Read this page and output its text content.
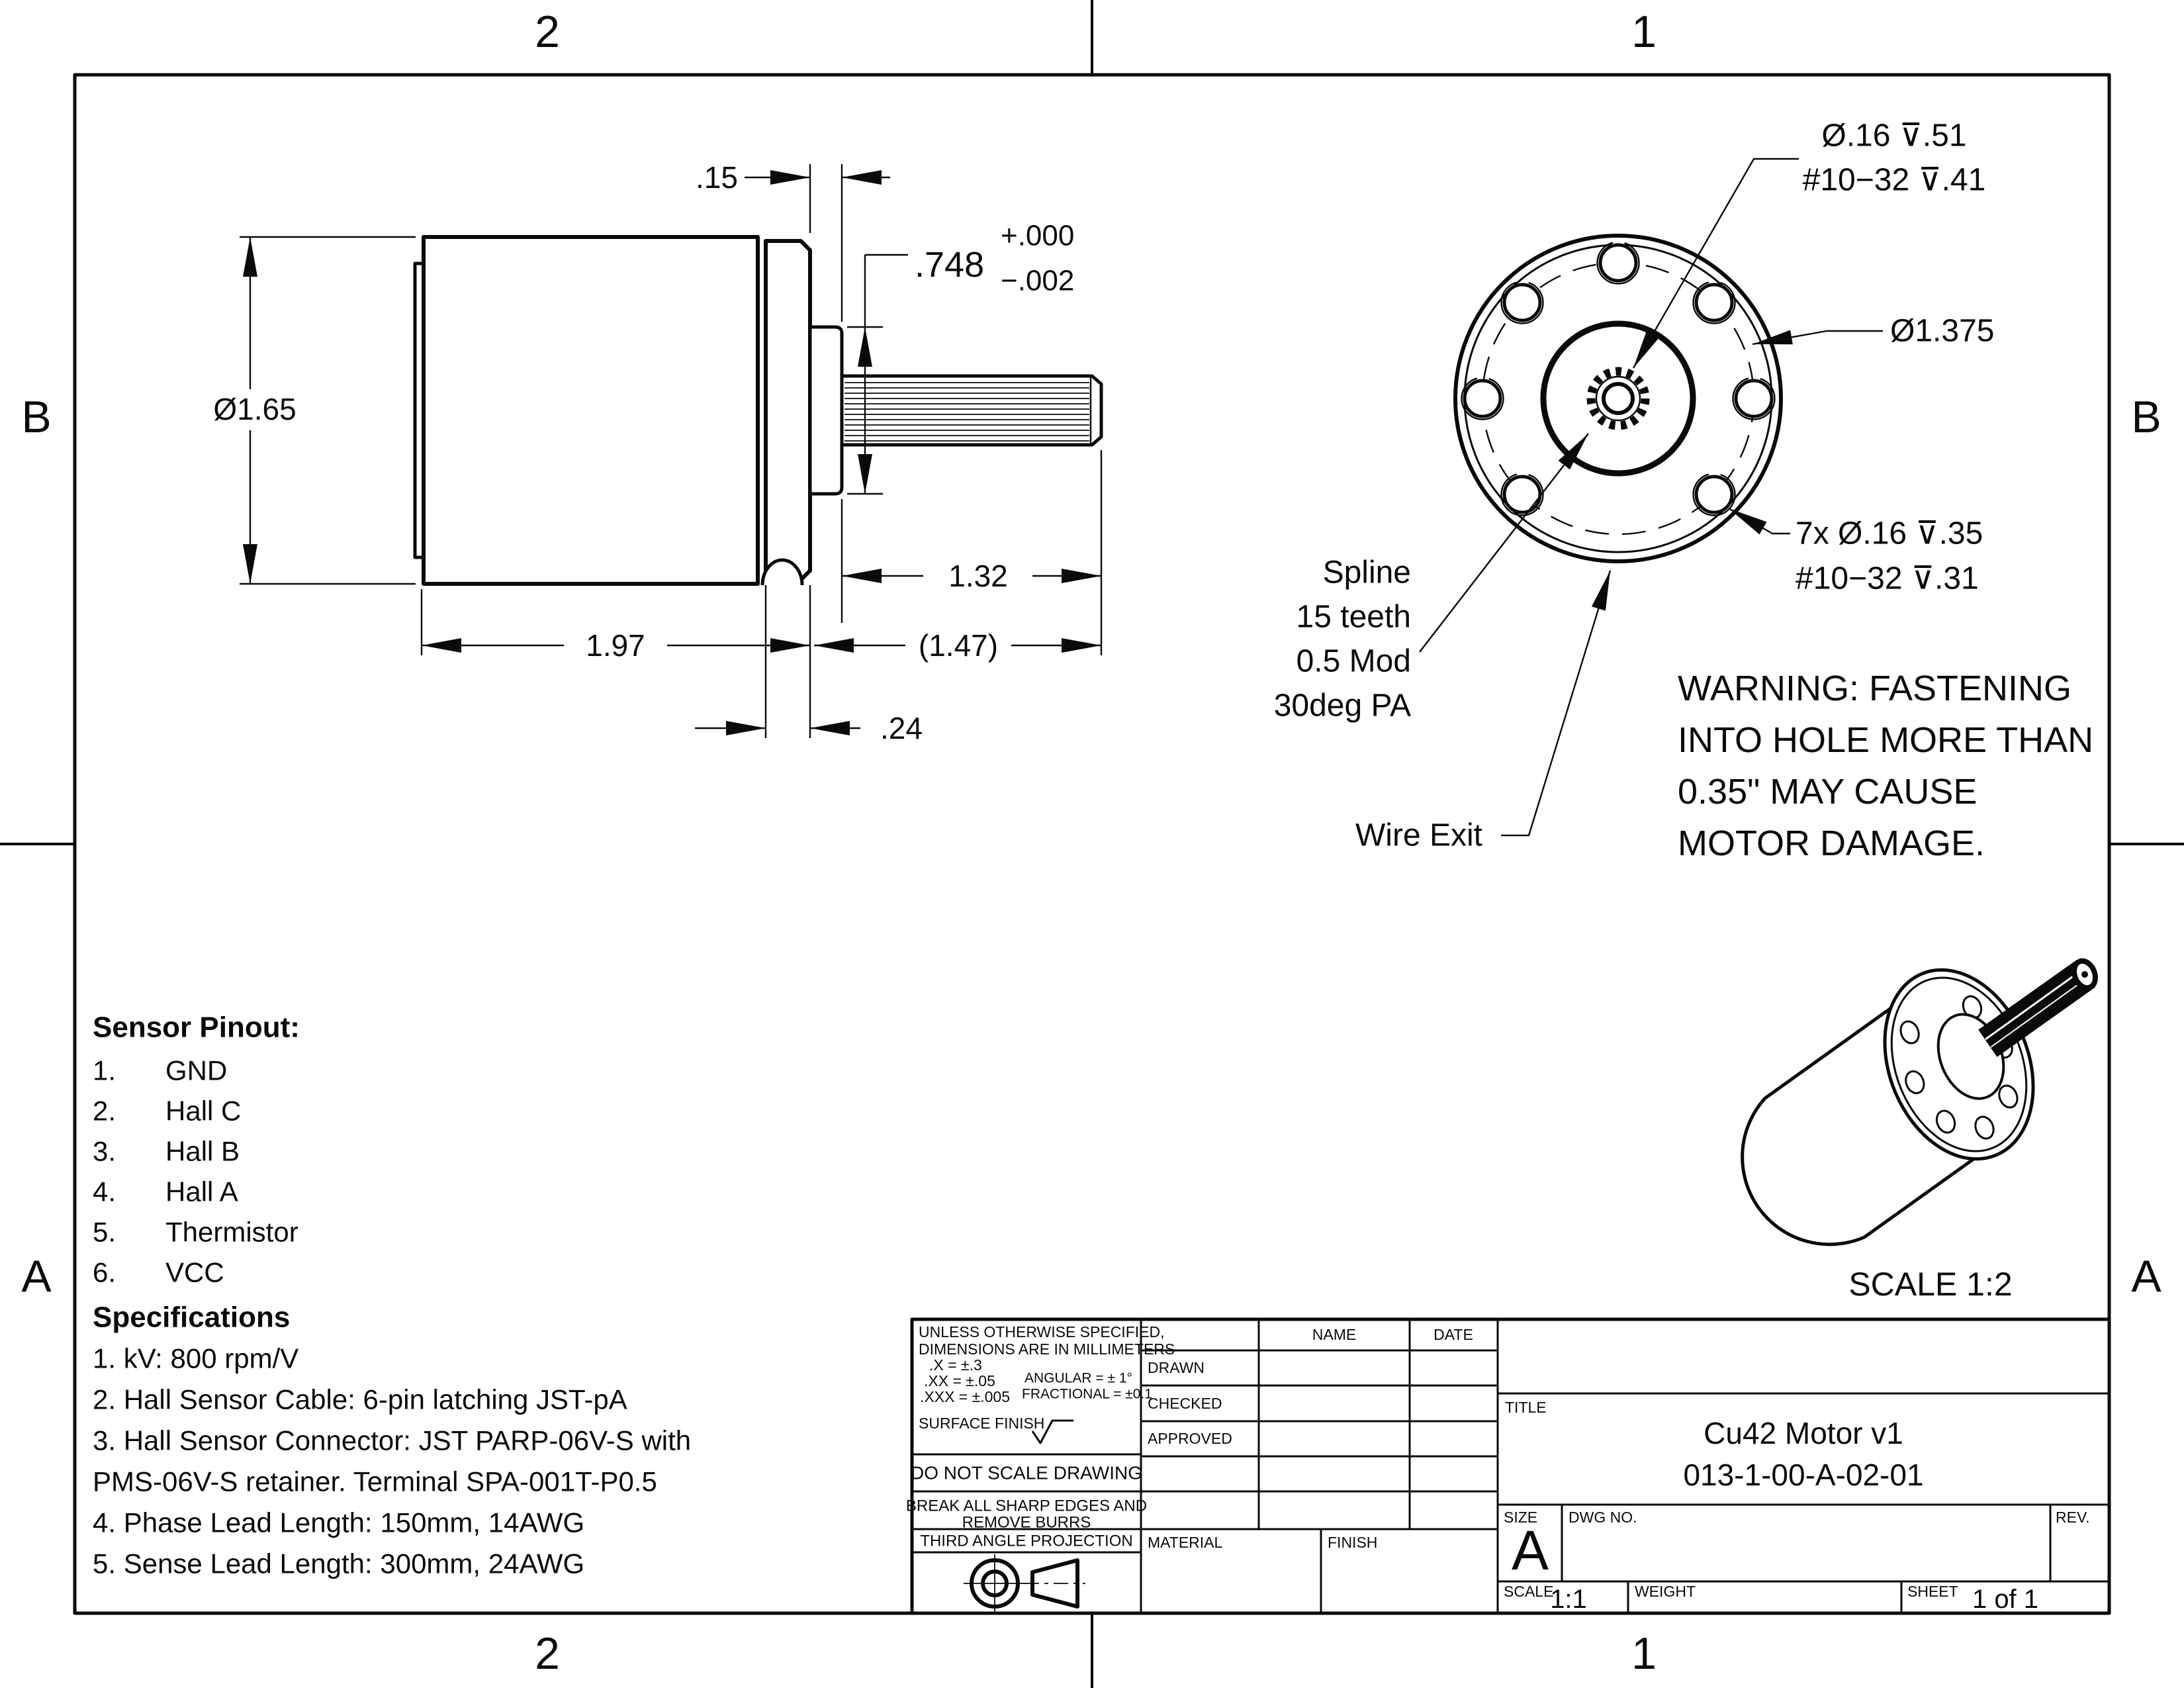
2	1
2	1
B
A
B
A
Ø1.65
.15
.748
+.000
−.002
1.32
1.97	(1.47)
.24
Ø.16 ⊽.51
#10−32 ⊽.41
Ø1.375
Spline
15 teeth
0.5 Mod
30deg PA
Wire Exit
7x Ø.16 ⊽.35
#10−32 ⊽.31
WARNING: FASTENING
INTO HOLE MORE THAN
0.35" MAY CAUSE
MOTOR DAMAGE.
SCALE 1:2
Sensor Pinout:
1. GND
2. Hall C
3. Hall B
4. Hall A
5. Thermistor
6. VCC
Specifications
1. kV: 800 rpm/V
2. Hall Sensor Cable: 6-pin latching JST-pA
3. Hall Sensor Connector: JST PARP-06V-S with
PMS-06V-S retainer. Terminal SPA-001T-P0.5
4. Phase Lead Length: 150mm, 14AWG
5. Sense Lead Length: 300mm, 24AWG
UNLESS OTHERWISE SPECIFIED,
DIMENSIONS ARE IN MILLIMETERS
.X = ±.3
.XX = ±.05
.XXX = ±.005
ANGULAR = ± 1°
FRACTIONAL = ±0.1
SURFACE FINISH
DO NOT SCALE DRAWING
BREAK ALL SHARP EDGES AND
REMOVE BURRS
THIRD ANGLE PROJECTION
NAME	DATE
DRAWN
CHECKED
APPROVED
MATERIAL	FINISH
TITLE
Cu42 Motor v1
013-1-00-A-02-01
SIZE
A
DWG NO.	REV.
SCALE
1:1	WEIGHT	SHEET 1 of 1
